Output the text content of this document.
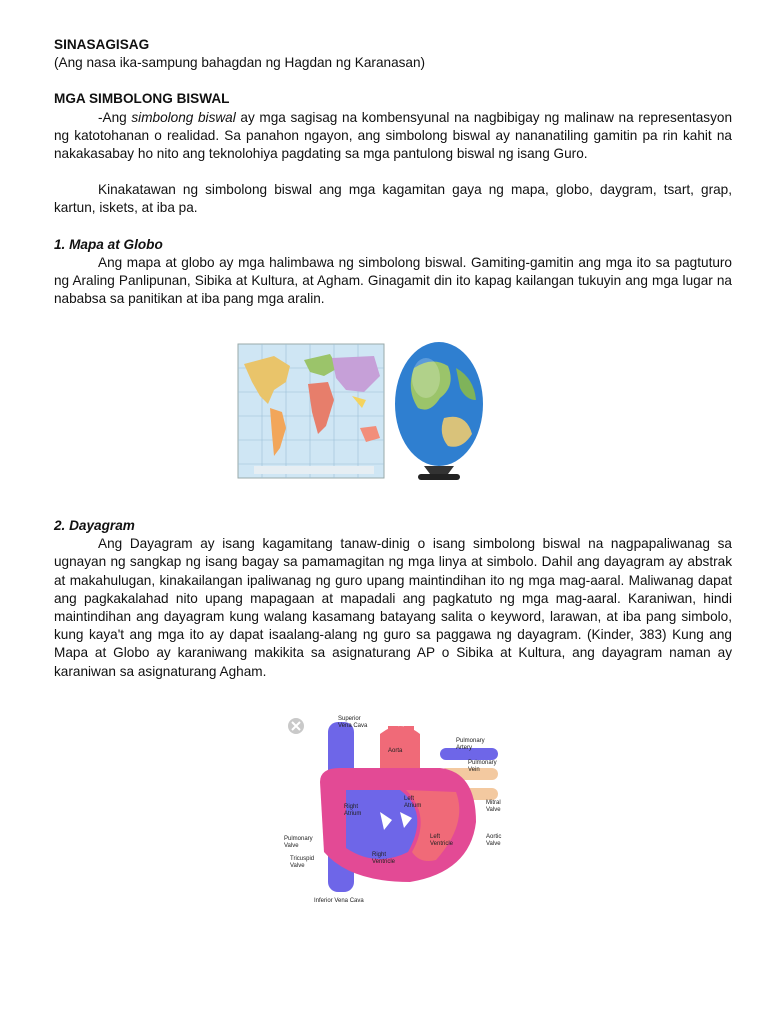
SINASAGISAG

(Ang nasa ika-sampung bahagdan ng Hagdan ng Karanasan)

MGA SIMBOLONG BISWAL

-Ang simbolong biswal ay mga sagisag na kombensyunal na nagbibigay ng malinaw na representasyon ng katotohanan o realidad. Sa panahon ngayon, ang simbolong biswal ay nananatiling gamitin pa rin kahit na nakakasabay ho nito ang teknolohiya pagdating sa mga pantulong biswal ng isang Guro.

Kinakatawan ng simbolong biswal ang mga kagamitan gaya ng mapa, globo, daygram, tsart, grap, kartun, iskets, at iba pa.

1. Mapa at Globo

Ang mapa at globo ay mga halimbawa ng simbolong biswal. Gamiting-gamitin ang mga ito sa pagtuturo ng Araling Panlipunan, Sibika at Kultura, at Agham. Ginagamit din ito kapag kailangan tukuyin ang mga lugar na nababsa sa panitikan at iba pang mga aralin.

2. Dayagram

Ang Dayagram ay isang kagamitang tanaw-dinig o isang simbolong biswal na nagpapaliwanag sa ugnayan ng sangkap ng isang bagay sa pamamagitan ng mga linya at simbolo. Dahil ang dayagram ay abstrak at makahulugan, kinakailangan ipaliwanag ng guro upang maintindihan ito ng mga mag-aaral. Maliwanag dapat ang pagkakalahad nito upang mapagaan at mapadali ang pagkatuto ng mga mag-aaral. Karaniwan, hindi maintindihan ang dayagram kung walang kasamang batayang salita o keyword, larawan, at iba pang simbolo, kung kaya't ang mga ito ay dapat isaalang-alang ng guro sa paggawa ng dayagram. (Kinder, 383) Kung ang Mapa at Globo ay karaniwang makikita sa asignaturang AP o Sibika at Kultura, ang dayagram naman ay karaniwan sa asignaturang Agham.

Superior
Vena Cava
Aorta
Pulmonary
Artery
Pulmonary
Vein
Left
Atrium
Right
Atrium
Mitral
Valve
Aortic
Valve
Left
Ventricle
Right
Ventricle
Pulmonary
Valve
Tricuspid
Valve
Inferior Vena Cava
